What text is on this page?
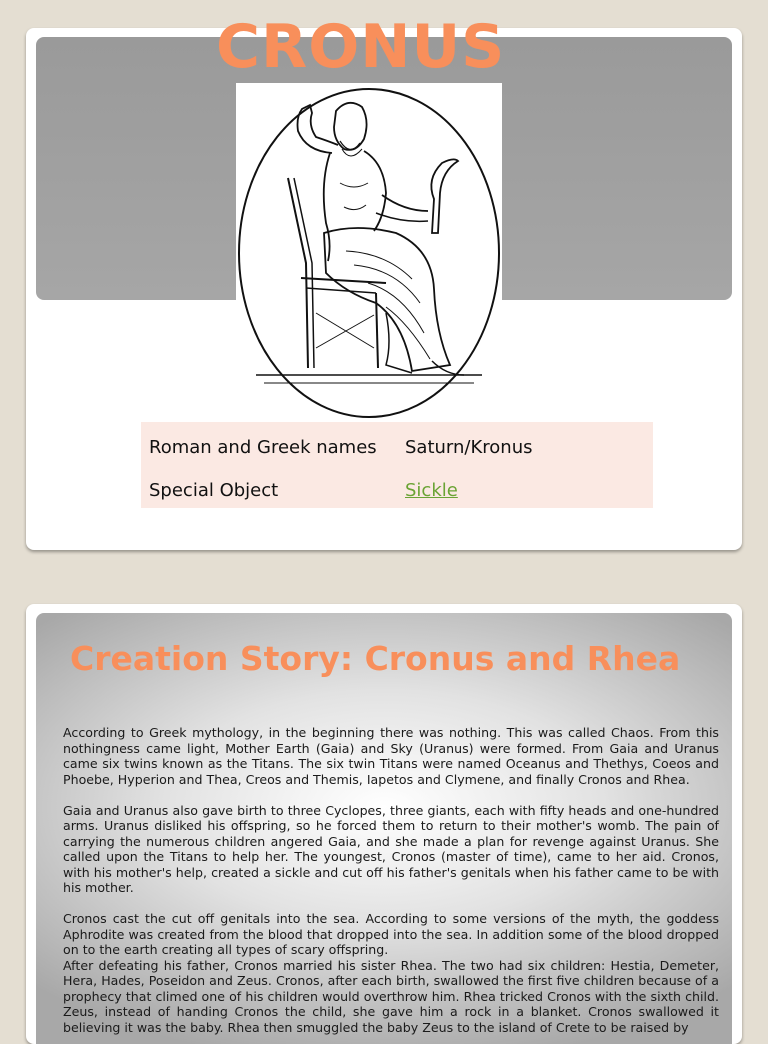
CRONUS
Roman and Greek names	Saturn/Kronus
Special Object	Sickle
Creation Story: Cronus and Rhea

According to Greek mythology, in the beginning there was nothing. This was called Chaos. From this nothingness came light, Mother Earth (Gaia) and Sky (Uranus) were formed. From Gaia and Uranus came six twins known as the Titans. The six twin Titans were named Oceanus and Thethys, Coeos and Phoebe, Hyperion and Thea, Creos and Themis, Iapetos and Clymene, and finally Cronos and Rhea.

Gaia and Uranus also gave birth to three Cyclopes, three giants, each with fifty heads and one-hundred arms. Uranus disliked his offspring, so he forced them to return to their mother's womb. The pain of carrying the numerous children angered Gaia, and she made a plan for revenge against Uranus. She called upon the Titans to help her. The youngest, Cronos (master of time), came to her aid. Cronos, with his mother's help, created a sickle and cut off his father's genitals when his father came to be with his mother.

Cronos cast the cut off genitals into the sea. According to some versions of the myth, the goddess Aphrodite was created from the blood that dropped into the sea. In addition some of the blood dropped on to the earth creating all types of scary offspring.

After defeating his father, Cronos married his sister Rhea. The two had six children: Hestia, Demeter, Hera, Hades, Poseidon and Zeus. Cronos, after each birth, swallowed the first five children because of a prophecy that climed one of his children would overthrow him. Rhea tricked Cronos with the sixth child. Zeus, instead of handing Cronos the child, she gave him a rock in a blanket. Cronos swallowed it believing it was the baby. Rhea then smuggled the baby Zeus to the island of Crete to be raised by
